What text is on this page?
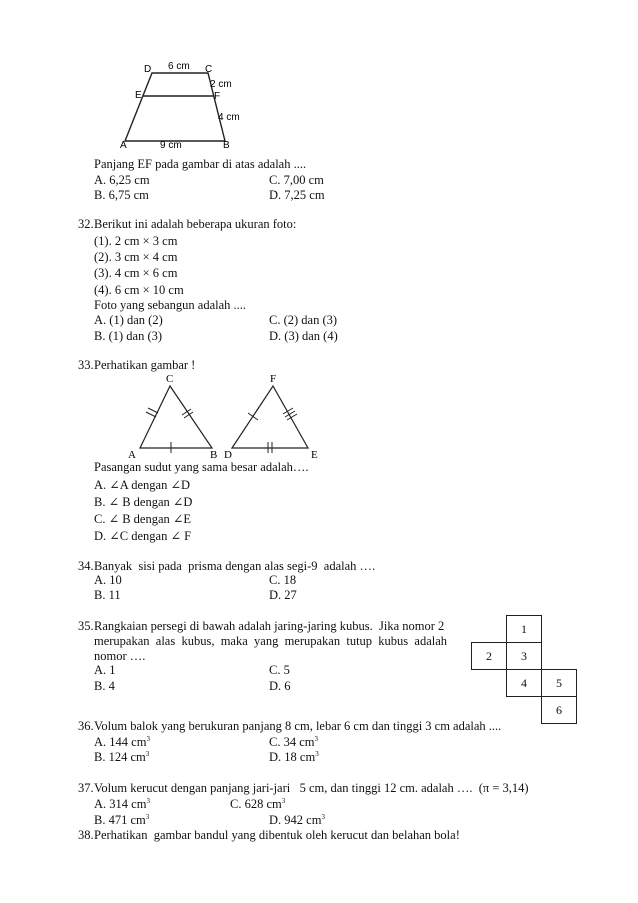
D	C
E	F
A	B
6 cm
2 cm
4 cm
9 cm
Panjang EF pada gambar di atas adalah ....
A. 6,25 cm
B. 6,75 cm
C. 7,00 cm
D. 7,25 cm
32. Berikut ini adalah beberapa ukuran foto:
(1). 2 cm × 3 cm
(2). 3 cm × 4 cm
(3). 4 cm × 6 cm
(4). 6 cm × 10 cm
Foto yang sebangun adalah ....
A. (1) dan (2)
B. (1) dan (3)
C. (2) dan (3)
D. (3) dan (4)
33. Perhatikan gambar !
C
A	B
F
D	E
Pasangan sudut yang sama besar adalah….
A. ∠A dengan ∠D
B. ∠ B dengan ∠D
C. ∠ B dengan ∠E
D. ∠C dengan ∠ F
34. Banyak  sisi pada  prisma dengan alas segi-9  adalah ….
A. 10
B. 11
C. 18
D. 27
35. Rangkaian persegi di bawah adalah jaring-jaring kubus.  Jika nomor 2
merupakan  alas  kubus,  maka  yang  merupakan  tutup  kubus  adalah
nomor ….
A. 1
B. 4
C. 5
D. 6
1
2	3
4	5
6
36. Volum balok yang berukuran panjang 8 cm, lebar 6 cm dan tinggi 3 cm adalah ....
A. 144 $cm^3$
B. 124 $cm^3$
C. 34 $cm^3$
D. 18 $cm^3$
37. Volum kerucut dengan panjang jari-jari   5 cm, dan tinggi 12 cm. adalah ….  (π = 3,14)
A. 314 $cm^3$
B. 471 $cm^3$
C. 628 $cm^3$
D. 942 $cm^3$
38. Perhatikan  gambar bandul yang dibentuk oleh kerucut dan belahan bola!
